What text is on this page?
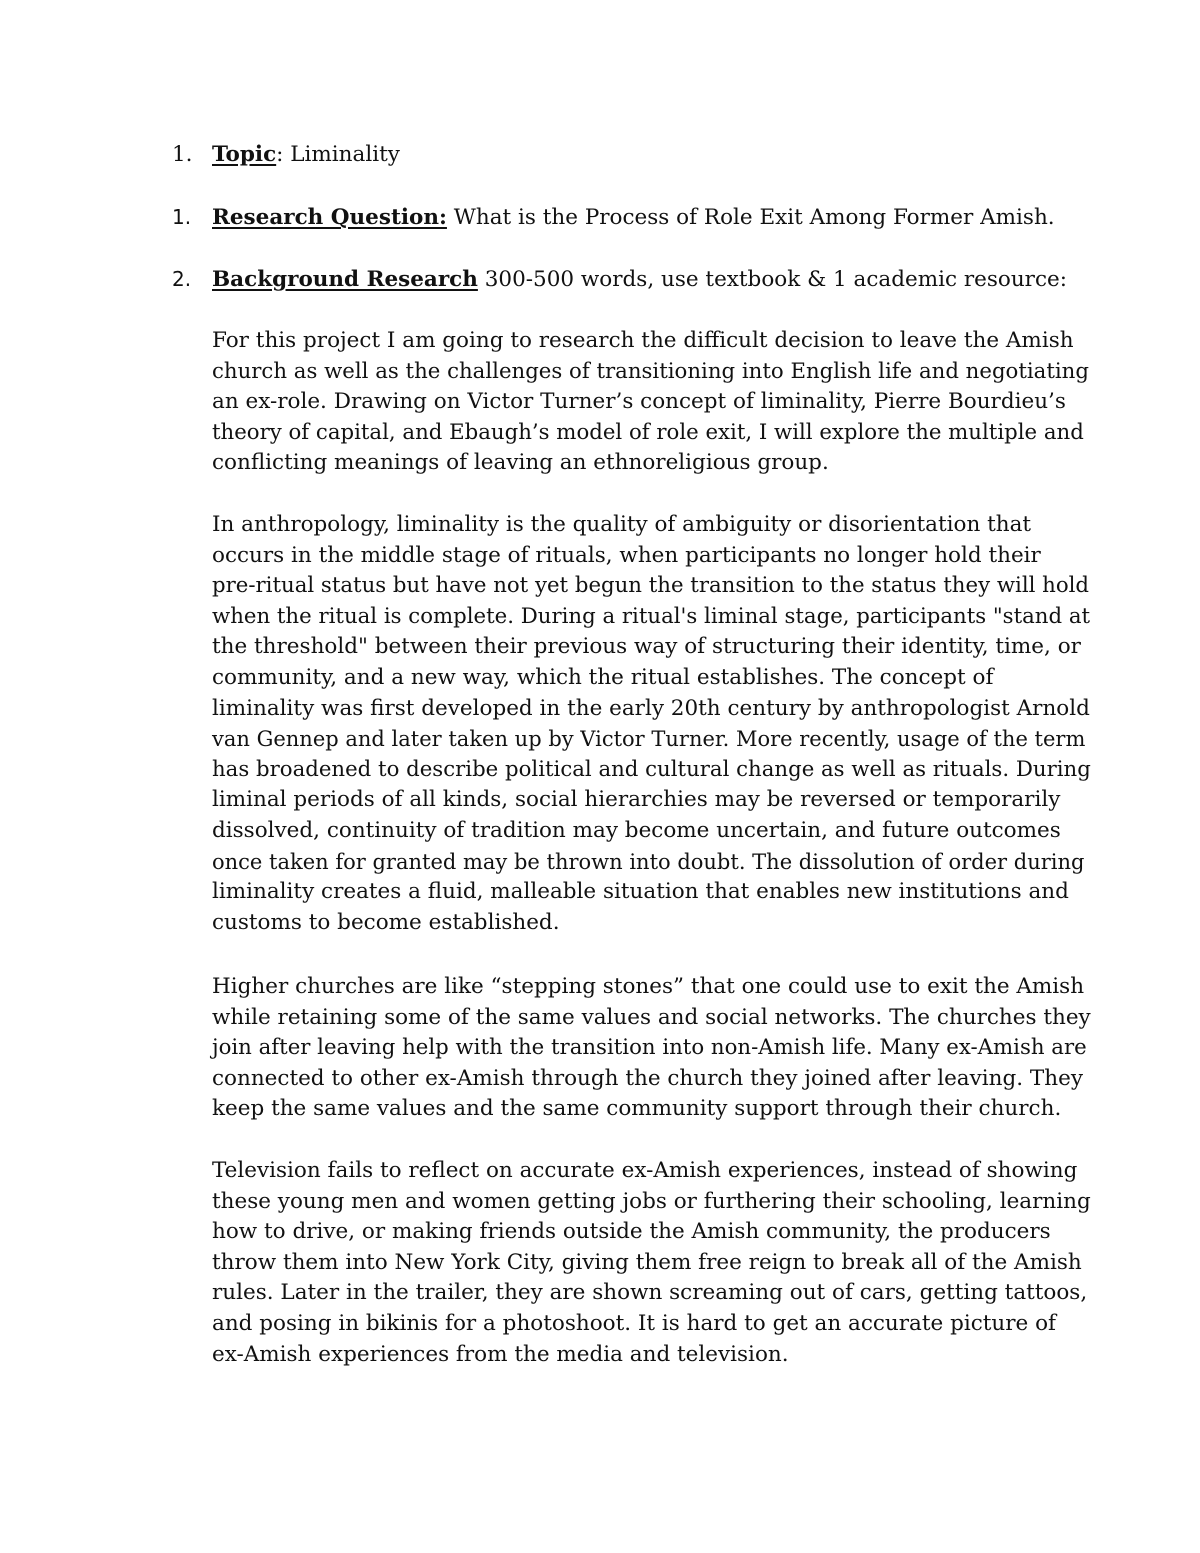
1. Topic: Liminality
1. Research Question: What is the Process of Role Exit Among Former Amish.
2. Background Research 300-500 words, use textbook & 1 academic resource:

For this project I am going to research the difficult decision to leave the Amish
church as well as the challenges of transitioning into English life and negotiating
an ex-role. Drawing on Victor Turner’s concept of liminality, Pierre Bourdieu’s
theory of capital, and Ebaugh’s model of role exit, I will explore the multiple and
conflicting meanings of leaving an ethnoreligious group.

In anthropology, liminality is the quality of ambiguity or disorientation that
occurs in the middle stage of rituals, when participants no longer hold their
pre-ritual status but have not yet begun the transition to the status they will hold
when the ritual is complete. During a ritual's liminal stage, participants "stand at
the threshold" between their previous way of structuring their identity, time, or
community, and a new way, which the ritual establishes. The concept of
liminality was first developed in the early 20th century by anthropologist Arnold
van Gennep and later taken up by Victor Turner. More recently, usage of the term
has broadened to describe political and cultural change as well as rituals. During
liminal periods of all kinds, social hierarchies may be reversed or temporarily
dissolved, continuity of tradition may become uncertain, and future outcomes
once taken for granted may be thrown into doubt. The dissolution of order during
liminality creates a fluid, malleable situation that enables new institutions and
customs to become established.

Higher churches are like “stepping stones” that one could use to exit the Amish
while retaining some of the same values and social networks. The churches they
join after leaving help with the transition into non-Amish life. Many ex-Amish are
connected to other ex-Amish through the church they joined after leaving. They
keep the same values and the same community support through their church.

Television fails to reflect on accurate ex-Amish experiences, instead of showing
these young men and women getting jobs or furthering their schooling, learning
how to drive, or making friends outside the Amish community, the producers
throw them into New York City, giving them free reign to break all of the Amish
rules. Later in the trailer, they are shown screaming out of cars, getting tattoos,
and posing in bikinis for a photoshoot. It is hard to get an accurate picture of
ex-Amish experiences from the media and television.
